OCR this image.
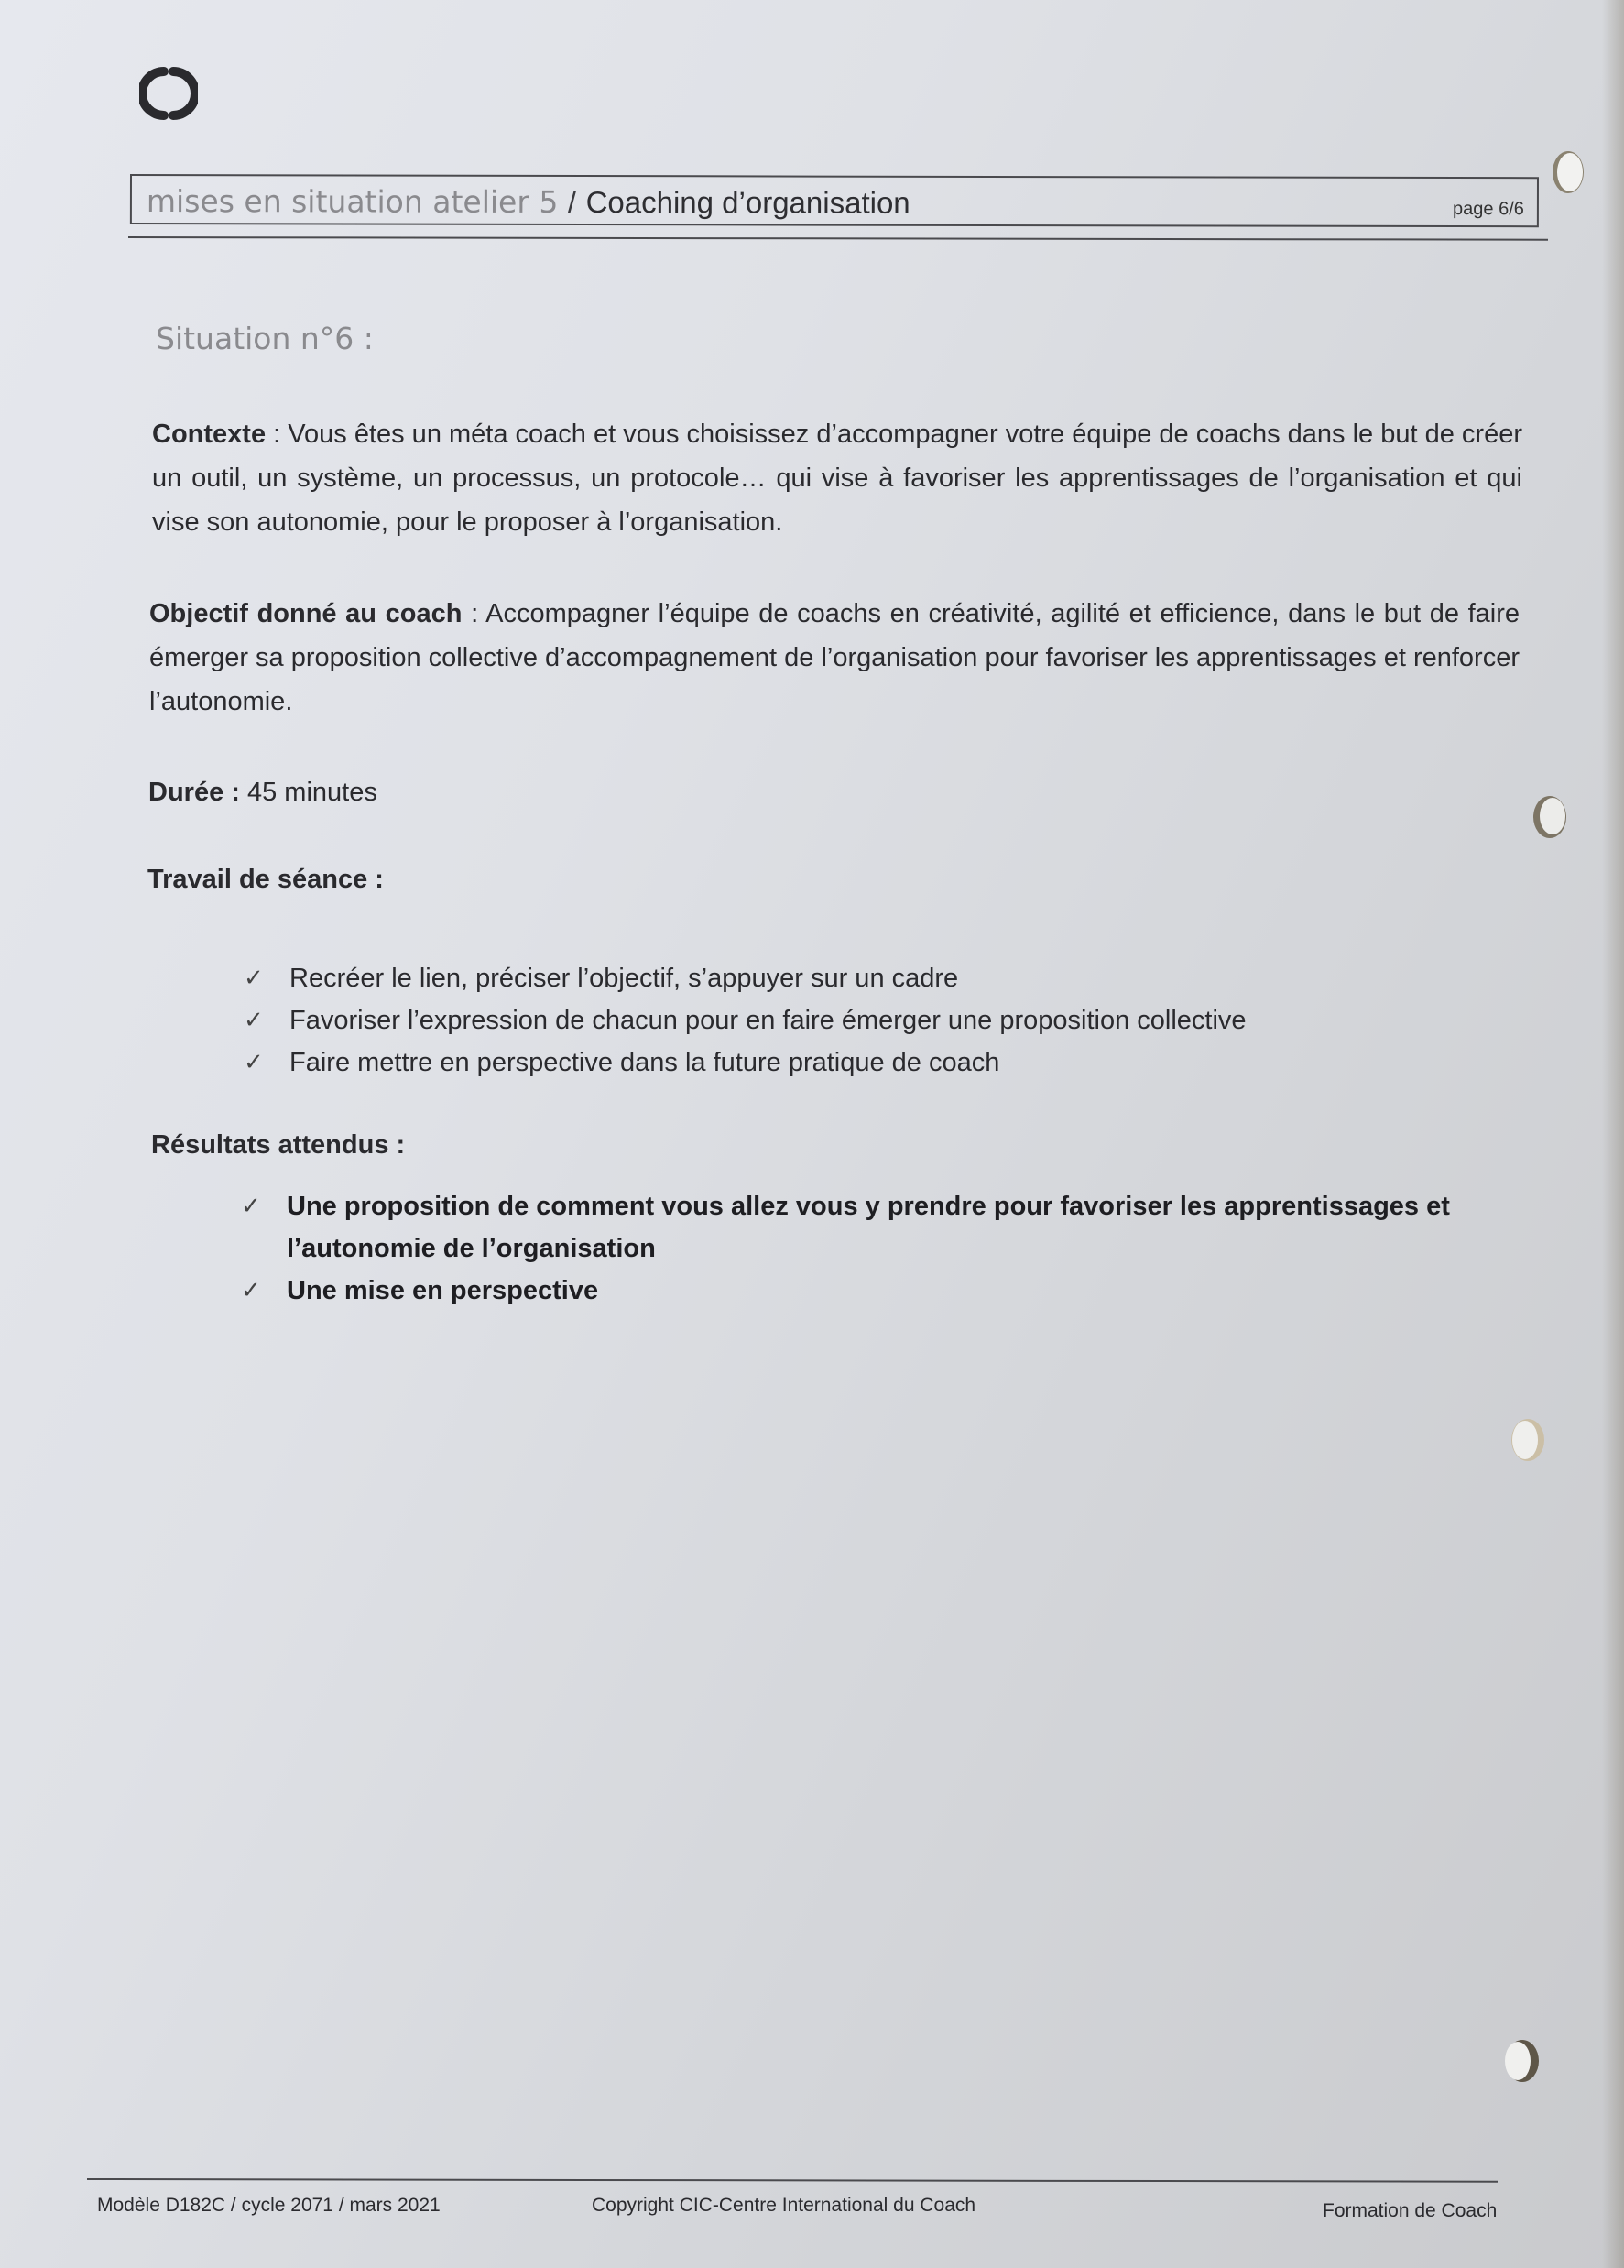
mises en situation atelier 5 / Coaching d’organisation	page 6/6
Situation n°6 :

Contexte : Vous êtes un méta coach et vous choisissez d’accompagner votre équipe de coachs dans le but de créer un outil, un système, un processus, un protocole… qui vise à favoriser les apprentissages de l’organisation et qui vise son autonomie, pour le proposer à l’organisation.

Objectif donné au coach : Accompagner l’équipe de coachs en créativité, agilité et efficience, dans le but de faire émerger sa proposition collective d’accompagnement de l’organisation pour favoriser les apprentissages et renforcer l’autonomie.

Durée : 45 minutes

Travail de séance :

✓ Recréer le lien, préciser l’objectif, s’appuyer sur un cadre
✓ Favoriser l’expression de chacun pour en faire émerger une proposition collective
✓ Faire mettre en perspective dans la future pratique de coach

Résultats attendus :

✓ Une proposition de comment vous allez vous y prendre pour favoriser les apprentissages et l’autonomie de l’organisation
✓ Une mise en perspective
Modèle D182C / cycle 2071 / mars 2021	Copyright CIC-Centre International du Coach	Formation de Coach
